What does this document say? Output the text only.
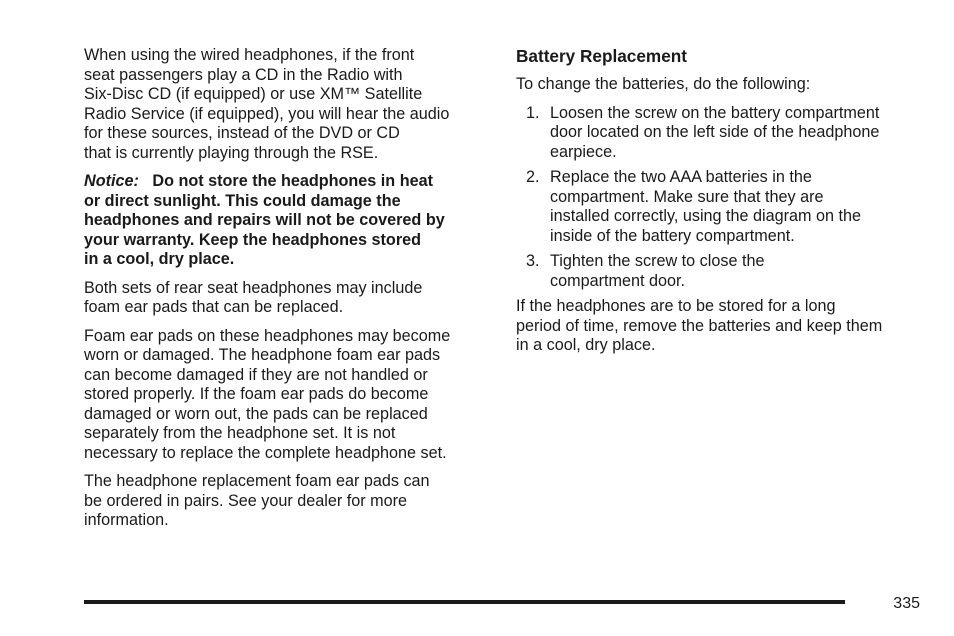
When using the wired headphones, if the front
seat passengers play a CD in the Radio with
Six-Disc CD (if equipped) or use XM™ Satellite
Radio Service (if equipped), you will hear the audio
for these sources, instead of the DVD or CD
that is currently playing through the RSE.

Notice: Do not store the headphones in heat
or direct sunlight. This could damage the
headphones and repairs will not be covered by
your warranty. Keep the headphones stored
in a cool, dry place.

Both sets of rear seat headphones may include
foam ear pads that can be replaced.

Foam ear pads on these headphones may become
worn or damaged. The headphone foam ear pads
can become damaged if they are not handled or
stored properly. If the foam ear pads do become
damaged or worn out, the pads can be replaced
separately from the headphone set. It is not
necessary to replace the complete headphone set.

The headphone replacement foam ear pads can
be ordered in pairs. See your dealer for more
information.

Battery Replacement

To change the batteries, do the following:

1. Loosen the screw on the battery compartment
door located on the left side of the headphone
earpiece.
2. Replace the two AAA batteries in the
compartment. Make sure that they are
installed correctly, using the diagram on the
inside of the battery compartment.
3. Tighten the screw to close the
compartment door.

If the headphones are to be stored for a long
period of time, remove the batteries and keep them
in a cool, dry place.

335
